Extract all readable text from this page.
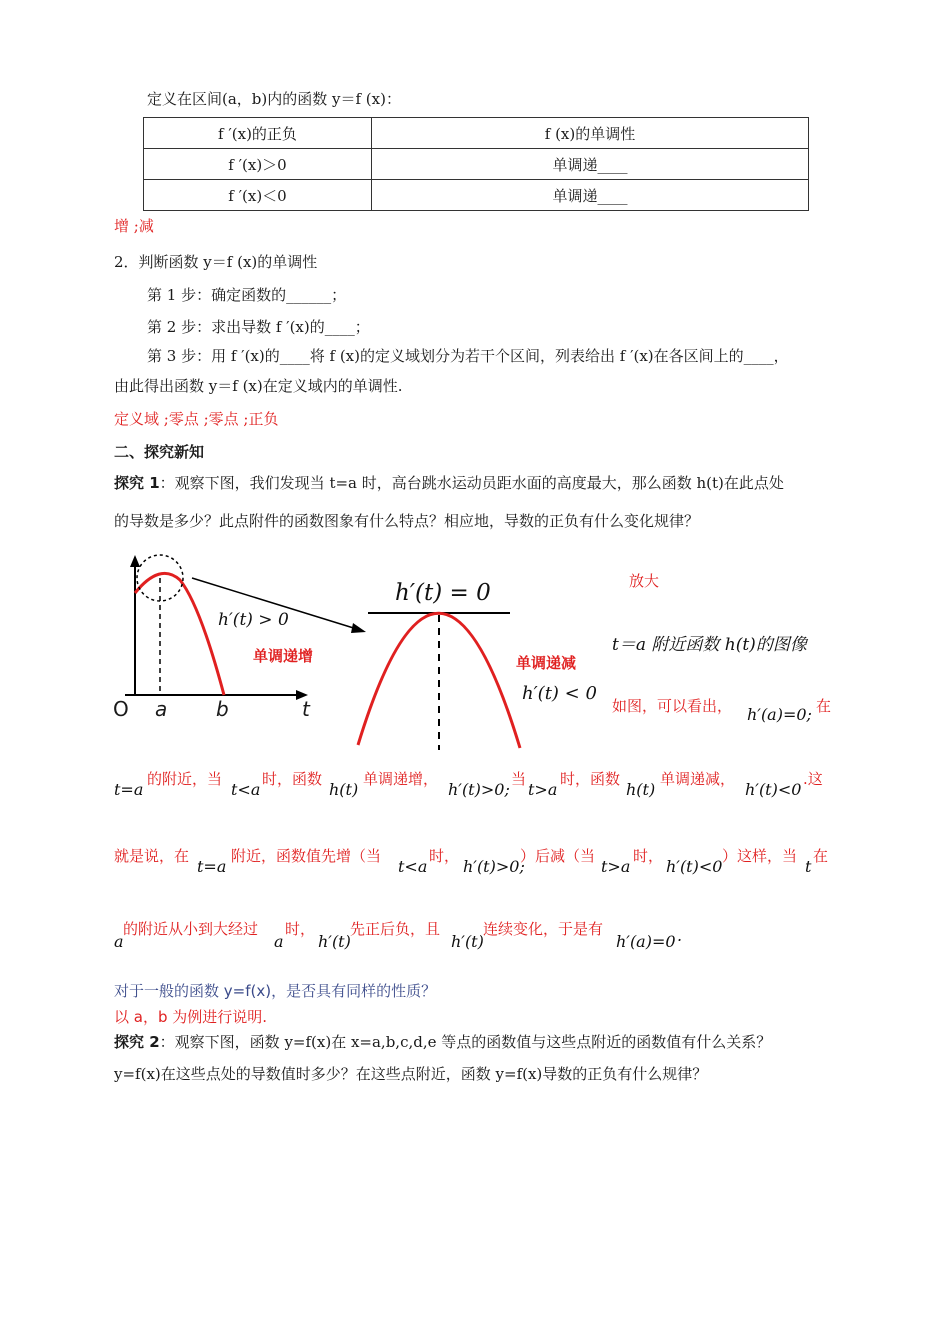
定义在区间(a，b)内的函数 y＝f (x)：
f ′(x)的正负	f (x)的单调性
f ′(x)＞0	单调递____
f ′(x)＜0	单调递____
增 ;减
2．判断函数 y＝f (x)的单调性
第 1 步：确定函数的______；
第 2 步：求出导数 f ′(x)的____；
第 3 步：用 f ′(x)的____将 f (x)的定义域划分为若干个区间，列表给出 f ′(x)在各区间上的____，
由此得出函数 y＝f (x)在定义域内的单调性.
定义域 ;零点 ;零点 ;正负
二、探究新知
探究 1：观察下图，我们发现当 t=a 时，高台跳水运动员距水面的高度最大，那么函数 h(t)在此点处
的导数是多少？此点附件的函数图象有什么特点？相应地，导数的正负有什么变化规律？
O a b	t
h′(t) > 0
单调递增
h′(t) = 0
单调递减
h′(t) < 0
放大
t＝a 附近函数 h(t)的图像
如图，可以看出， h′(a)=0; 在
t=a
的附近，当
t<a
时，函数
h(t)
单调递增，
h′(t)>0;
当
t>a
时，函数
h(t)
单调递减，
h′(t)<0
.这
就是说，在
t=a
附近，函数值先增（当
t<a
时，
h′(t)>0;
）后减（当
t>a
时，
h′(t)<0
）这样，当
t
在
a
的附近从小到大经过
a
时，
h′(t)
先正后负，且
h′(t)
连续变化，于是有
h′(a)=0 .
对于一般的函数 y=f(x)，是否具有同样的性质？
以 a，b 为例进行说明.
探究 2：观察下图，函数 y=f(x)在 x=a,b,c,d,e 等点的函数值与这些点附近的函数值有什么关系？
y=f(x)在这些点处的导数值时多少？在这些点附近，函数 y=f(x)导数的正负有什么规律？
